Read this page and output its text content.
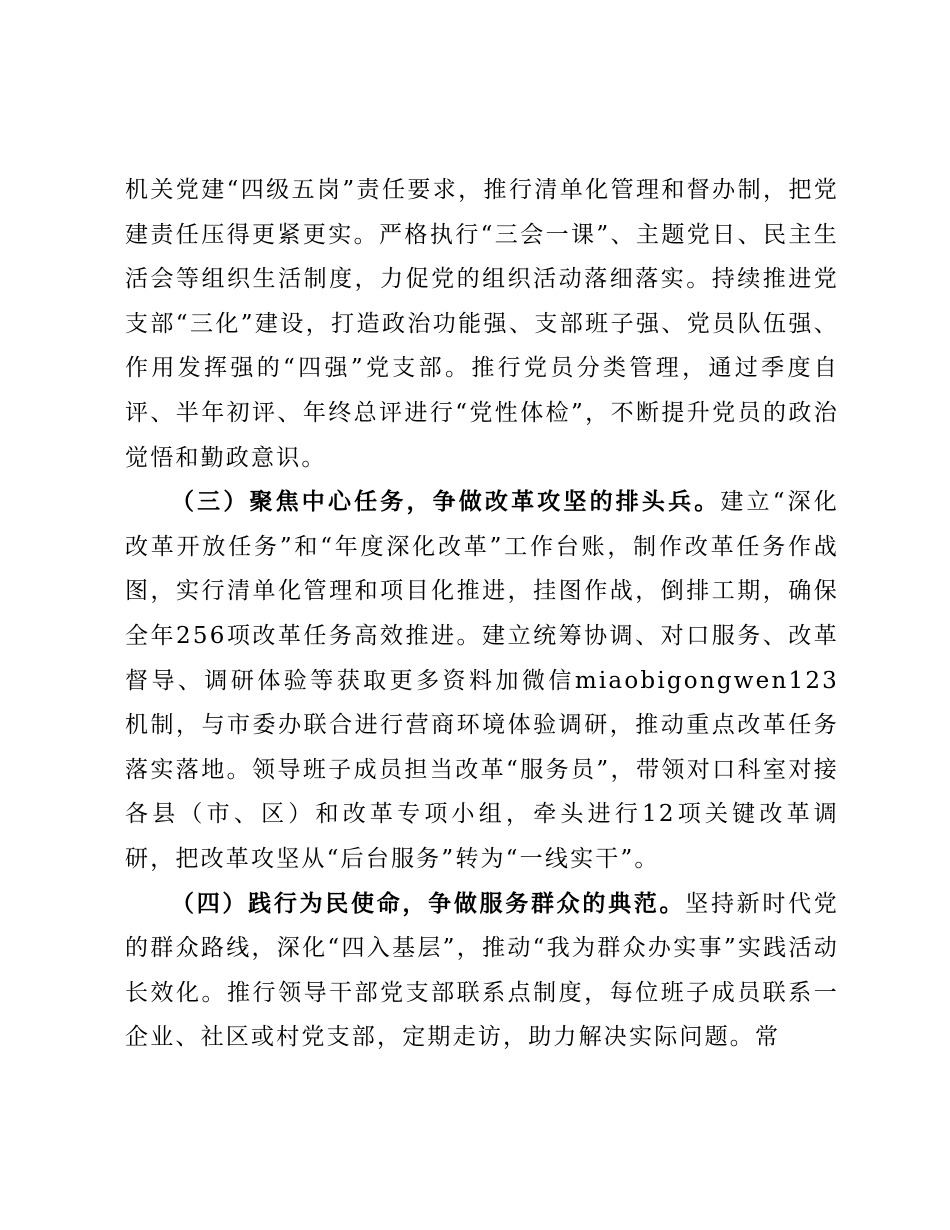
机关党建“四级五岗”责任要求，推行清单化管理和督办制，把党建责任压得更紧更实。严格执行“三会一课”、主题党日、民主生活会等组织生活制度，力促党的组织活动落细落实。持续推进党支部“三化”建设，打造政治功能强、支部班子强、党员队伍强、作用发挥强的“四强”党支部。推行党员分类管理，通过季度自评、半年初评、年终总评进行“党性体检”，不断提升党员的政治觉悟和勤政意识。

（三）聚焦中心任务，争做改革攻坚的排头兵。建立“深化改革开放任务”和“年度深化改革”工作台账，制作改革任务作战图，实行清单化管理和项目化推进，挂图作战，倒排工期，确保全年256项改革任务高效推进。建立统筹协调、对口服务、改革督导、调研体验等获取更多资料加微信miaobigongwen123机制，与市委办联合进行营商环境体验调研，推动重点改革任务落实落地。领导班子成员担当改革“服务员”，带领对口科室对接各县（市、区）和改革专项小组，牵头进行12项关键改革调研，把改革攻坚从“后台服务”转为“一线实干”。

（四）践行为民使命，争做服务群众的典范。坚持新时代党的群众路线，深化“四入基层”，推动“我为群众办实事”实践活动长效化。推行领导干部党支部联系点制度，每位班子成员联系一企业、社区或村党支部，定期走访，助力解决实际问题。常
